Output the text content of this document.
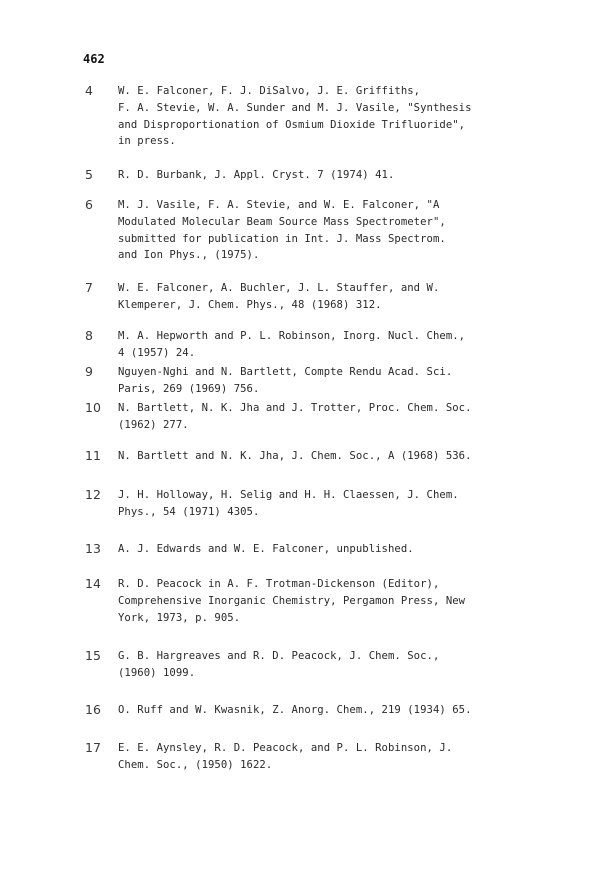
462
4 W. E. Falconer, F. J. DiSalvo, J. E. Griffiths,
F. A. Stevie, W. A. Sunder and M. J. Vasile, "Synthesis
and Disproportionation of Osmium Dioxide Trifluoride",
in press.
5 R. D. Burbank, J. Appl. Cryst. 7 (1974) 41.
6 M. J. Vasile, F. A. Stevie, and W. E. Falconer, "A
Modulated Molecular Beam Source Mass Spectrometer",
submitted for publication in Int. J. Mass Spectrom.
and Ion Phys., (1975).
7 W. E. Falconer, A. Buchler, J. L. Stauffer, and W.
Klemperer, J. Chem. Phys., 48 (1968) 312.
8 M. A. Hepworth and P. L. Robinson, Inorg. Nucl. Chem.,
4 (1957) 24.
9 Nguyen-Nghi and N. Bartlett, Compte Rendu Acad. Sci.
Paris, 269 (1969) 756.
10 N. Bartlett, N. K. Jha and J. Trotter, Proc. Chem. Soc.
(1962) 277.
11 N. Bartlett and N. K. Jha, J. Chem. Soc., A (1968) 536.
12 J. H. Holloway, H. Selig and H. H. Claessen, J. Chem.
Phys., 54 (1971) 4305.
13 A. J. Edwards and W. E. Falconer, unpublished.
14 R. D. Peacock in A. F. Trotman-Dickenson (Editor),
Comprehensive Inorganic Chemistry, Pergamon Press, New
York, 1973, p. 905.
15 G. B. Hargreaves and R. D. Peacock, J. Chem. Soc.,
(1960) 1099.
16 O. Ruff and W. Kwasnik, Z. Anorg. Chem., 219 (1934) 65.
17 E. E. Aynsley, R. D. Peacock, and P. L. Robinson, J.
Chem. Soc., (1950) 1622.
